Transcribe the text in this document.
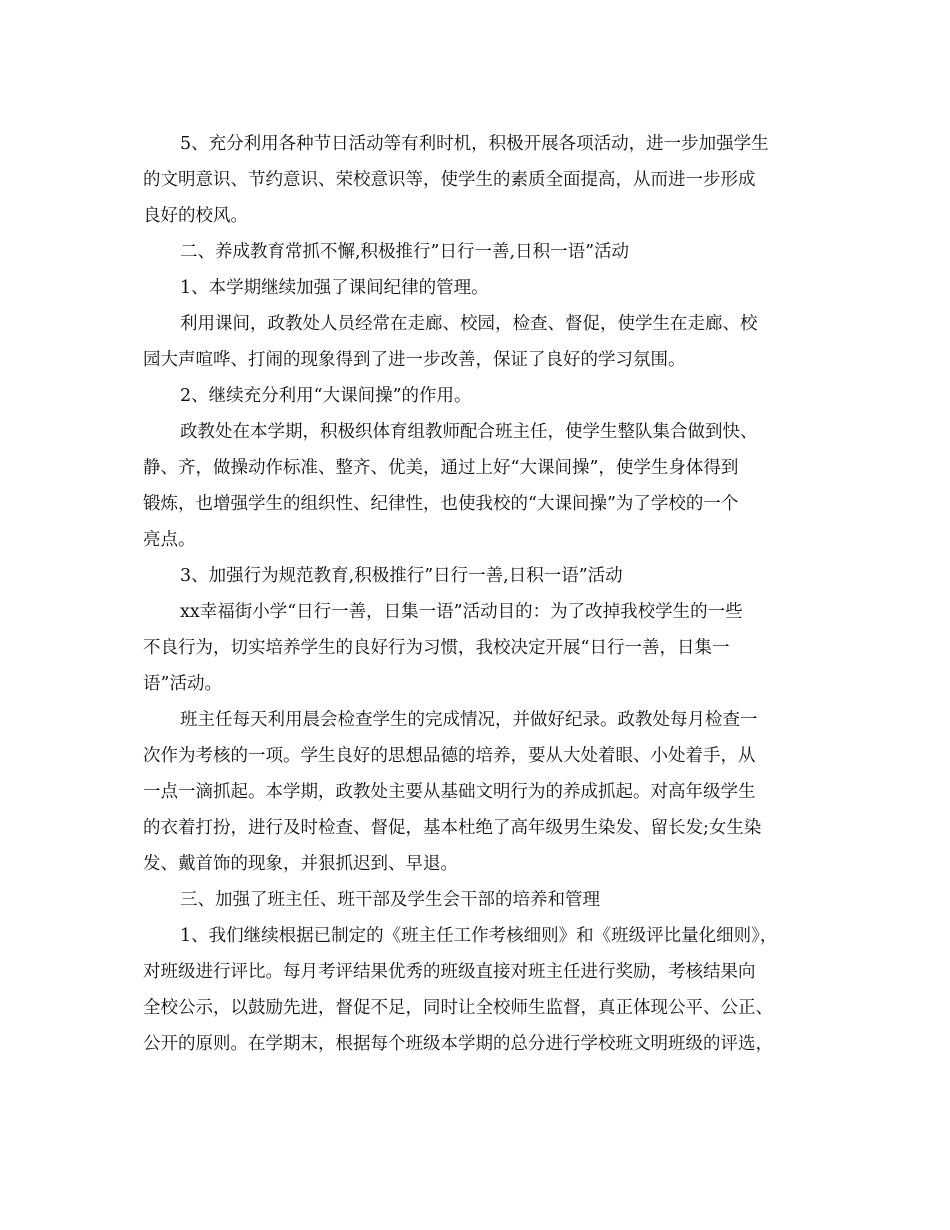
5、充分利用各种节日活动等有利时机，积极开展各项活动，进一步加强学生
的文明意识、节约意识、荣校意识等，使学生的素质全面提高，从而进一步形成
良好的校风。
二、养成教育常抓不懈,积极推行”日行一善,日积一语”活动
1、本学期继续加强了课间纪律的管理。
利用课间，政教处人员经常在走廊、校园，检查、督促，使学生在走廊、校
园大声喧哗、打闹的现象得到了进一步改善，保证了良好的学习氛围。
2、继续充分利用“大课间操”的作用。
政教处在本学期，积极织体育组教师配合班主任，使学生整队集合做到快、
静、齐，做操动作标准、整齐、优美，通过上好“大课间操”，使学生身体得到
锻炼，也增强学生的组织性、纪律性，也使我校的“大课间操”为了学校的一个
亮点。
3、加强行为规范教育,积极推行”日行一善,日积一语”活动
xx幸福街小学“日行一善，日集一语”活动目的：为了改掉我校学生的一些
不良行为，切实培养学生的良好行为习惯，我校决定开展“日行一善，日集一
语”活动。
班主任每天利用晨会检查学生的完成情况，并做好纪录。政教处每月检查一
次作为考核的一项。学生良好的思想品德的培养，要从大处着眼、小处着手，从
一点一滴抓起。本学期，政教处主要从基础文明行为的养成抓起。对高年级学生
的衣着打扮，进行及时检查、督促，基本杜绝了高年级男生染发、留长发;女生染
发、戴首饰的现象，并狠抓迟到、早退。
三、加强了班主任、班干部及学生会干部的培养和管理
1、我们继续根据已制定的《班主任工作考核细则》和《班级评比量化细则》，
对班级进行评比。每月考评结果优秀的班级直接对班主任进行奖励，考核结果向
全校公示，以鼓励先进，督促不足，同时让全校师生监督，真正体现公平、公正、
公开的原则。在学期末，根据每个班级本学期的总分进行学校班文明班级的评选，
